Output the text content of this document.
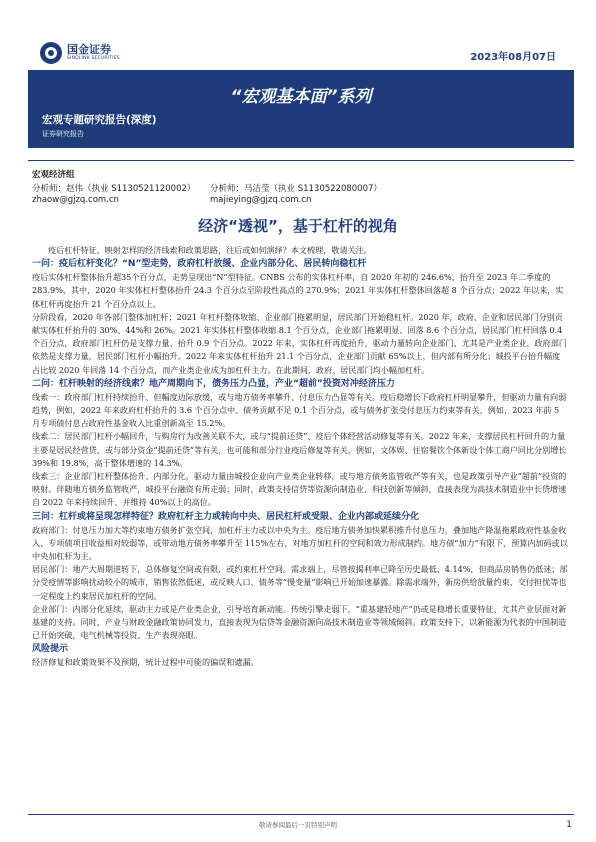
国金证券
SINOLINK SECURITIES	2023年08月07日
“宏观基本面”系列
宏观专题研究报告(深度)
证券研究报告
宏观经济组
分析师：赵伟（执业 S1130521120002）
zhaow@gjzq.com.cn
分析师：马洁莹（执业 S1130522080007）
majieying@gjzq.com.cn
经济“透视”，基于杠杆的视角

疫后杠杆特征，映射怎样的经济线索和政策思路，往后或如何演绎？本文梳理，敬请关注。

一问：疫后杠杆变化？“N”型走势，政府杠杆放缓、企业内部分化、居民转向稳杠杆

疫后实体杠杆整体抬升超35个百分点，走势呈现出“N”型特征。CNBS 公布的实体杠杆率，自 2020 年初的 246.6%，抬升至 2023 年二季度的 283.9%，其中，2020 年实体杠杆整体抬升 24.3 个百分点至阶段性高点的 270.9%；2021 年实体杠杆整体回落超 8 个百分点；2022 年以来，实体杠杆再度抬升 21 个百分点以上。

分阶段看，2020 年各部门整体加杠杆；2021 年杠杆整体收缩、企业部门拖累明显，居民部门开始稳杠杆。2020 年，政府、企业和居民部门分别贡献实体杠杆抬升的 30%、44%和 26%。2021 年实体杠杆整体收缩 8.1 个百分点，企业部门拖累明显、回落 8.6 个百分点，居民部门杠杆回落 0.4 个百分点，政府部门杠杆仍是支撑力量、抬升 0.9 个百分点。2022 年来，实体杠杆再度抬升，驱动力量转向企业部门、尤其是产业类企业，政府部门依然是支撑力量，居民部门杠杆小幅抬升。2022 年来实体杠杆抬升 21.1 个百分点，企业部门贡献 65%以上，但内部有所分化；城投平台抬升幅度占比较 2020 年回落 14 个百分点，而产业类企业成为加杠杆主力。在此期间，政府、居民部门均小幅加杠杆。

二问：杠杆映射的经济线索？地产周期向下，债务压力凸显，产业“超前”投资对冲经济压力

线索一：政府部门杠杆持续抬升、但幅度边际放缓，或与地方债务率攀升、付息压力凸显等有关。疫后稳增长下政府杠杆明显攀升，但驱动力量有向弱趋势，例如，2022 年来政府杠杆抬升的 3.6 个百分点中、债务贡献不足 0.1 个百分点，或与债务扩张受付息压力约束等有关，例如，2023 年前 5 月专项债付息占政府性基金收入比重创新高至 15.2%。

线索二：居民部门杠杆小幅回升，与购房行为改善关联不大，或与“提前还贷”、疫后个体经营活动修复等有关。2022 年来，支撑居民杠杆回升的力量主要是居民经营贷，或与部分资金“提前还贷”等有关，也可能和部分行业疫后修复等有关，例如，文体娱、住宿餐饮个体新设个体工商户同比分别增长 39%和 19.8%，高于整体增速的 14.3%。

线索三：企业部门杠杆整体抬升、内部分化，驱动力量由城投企业向产业类企业转移，或与地方债务监管收严等有关，也是政策引导产业“超前”投资的映射。伴随地方债务监管收严，城投平台融资有所走弱；同时，政策支持信贷等资源向制造业、科技创新等倾斜，直接表现为高技术制造业中长贷增速自 2022 年来持续回升、并维持 40%以上的高位。

三问：杠杆或将呈现怎样特征？政府杠杆主力或转向中央、居民杠杆或受限、企业内部或延续分化

政府部门：付息压力加大等约束地方债务扩张空间，加杠杆主力或以中央为主。疫后地方债务加快累积推升付息压力，叠加地产降温拖累政府性基金收入、专项债项目收益相对较弱等，或带动地方债务率攀升至 115%左右，对地方加杠杆的空间和效力形成制约。地方债“加力”有限下，预算内加码或以中央加杠杆为主。

居民部门：地产大周期逆转下，总体修复空间或有限，或约束杠杆空间。需求端上，尽管按揭利率已降至历史最低、4.14%，但商品房销售仍低迷；部分受疫情等影响扰动较小的城市，销售依然低迷，或反映人口、债务等“慢变量”影响已开始加速暴露。除需求端外，新房供给放量约束、交付担忧等也一定程度上约束居民加杠杆的空间。

企业部门：内部分化延续，驱动主力或是产业类企业，引导培育新动能。传统引擎走弱下，“重基建轻地产”仍或是稳增长重要特征、尤其产业层面对新基建的支持。同时，产业与财政金融政策协同发力，直接表现为信贷等金融资源向高技术制造业等领域倾斜。政策支持下，以新能源为代表的中国制造已开始突破，电气机械等投资、生产表现亮眼。

风险提示

经济修复和政策效果不及预期，统计过程中可能的偏误和遗漏。

敬请参阅最后一页特别声明	1
